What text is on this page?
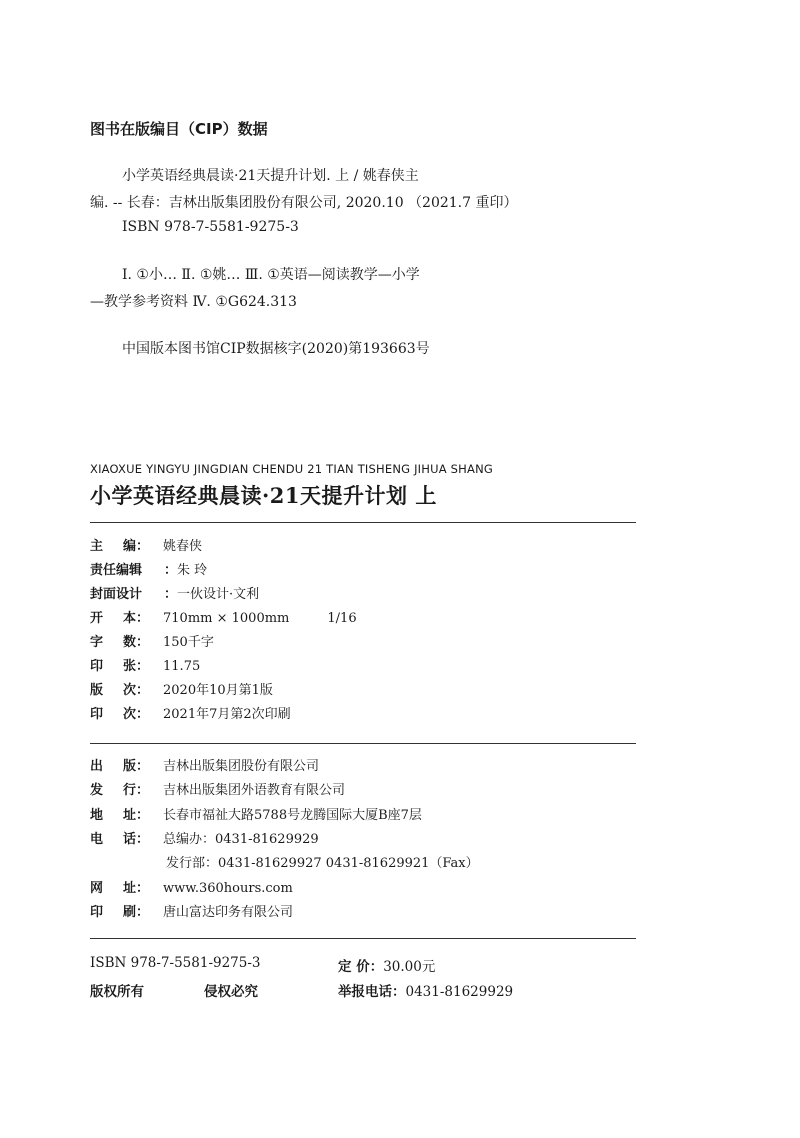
图书在版编目（CIP）数据
小学英语经典晨读·21天提升计划. 上 / 姚春侠主
编. -- 长春：吉林出版集团股份有限公司, 2020.10 （2021.7 重印）
ISBN 978-7-5581-9275-3
Ⅰ. ①小… Ⅱ. ①姚… Ⅲ. ①英语—阅读教学—小学
—教学参考资料 Ⅳ. ①G624.313
中国版本图书馆CIP数据核字(2020)第193663号
XIAOXUE YINGYU JINGDIAN CHENDU 21 TIAN TISHENG JIHUA SHANG
小学英语经典晨读·21天提升计划 上
主编： 姚春侠
责任编辑 ：朱 玲
封面设计 ：一伙设计·文利
开本： 710mm × 1000mm	1/16
字数： 150千字
印张： 11.75
版次： 2020年10月第1版
印次： 2021年7月第2次印刷
出版： 吉林出版集团股份有限公司
发行： 吉林出版集团外语教育有限公司
地址： 长春市福祉大路5788号龙腾国际大厦B座7层
电话： 总编办：0431-81629929
发行部：0431-81629927 0431-81629921（Fax）
网址： www.360hours.com
印刷： 唐山富达印务有限公司
ISBN 978-7-5581-9275-3	定 价：30.00元
版权所有	侵权必究	举报电话：0431-81629929
